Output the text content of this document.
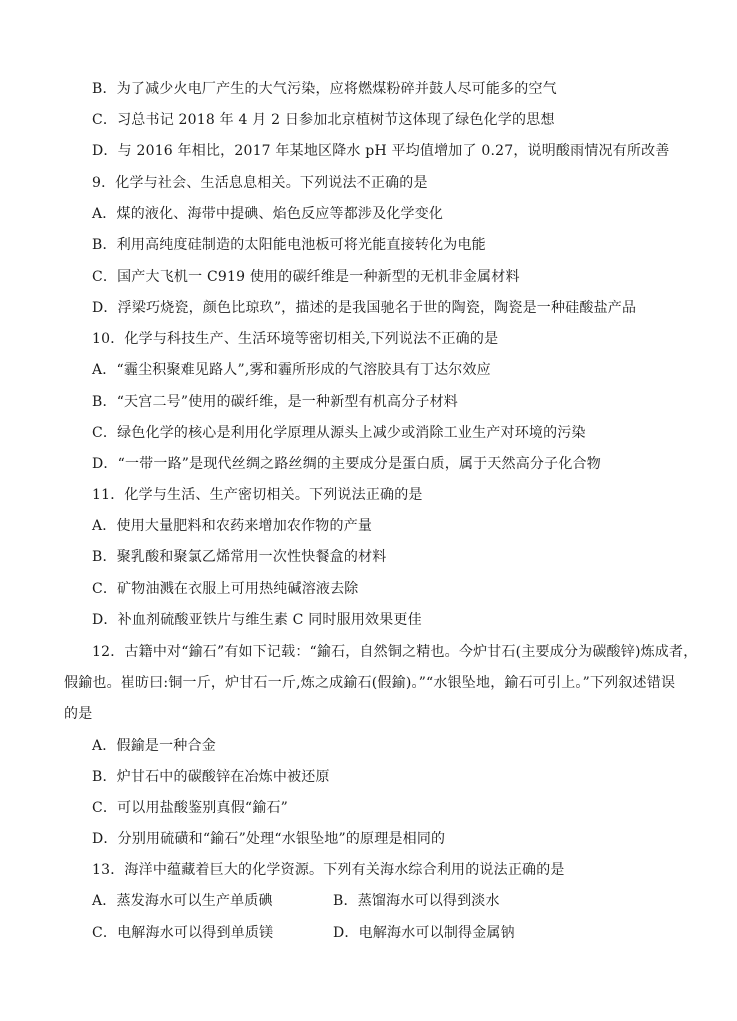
B．为了减少火电厂产生的大气污染，应将燃煤粉碎并鼓人尽可能多的空气
C．习总书记 2018 年 4 月 2 日参加北京植树节这体现了绿色化学的思想
D．与 2016 年相比，2017 年某地区降水 pH 平均值增加了 0.27，说明酸雨情况有所改善
9．化学与社会、生活息息相关。下列说法不正确的是
A．煤的液化、海带中提碘、焰色反应等都涉及化学变化
B．利用高纯度硅制造的太阳能电池板可将光能直接转化为电能
C．国产大飞机一 C919 使用的碳纤维是一种新型的无机非金属材料
D．浮梁巧烧瓷，颜色比琼玖”，描述的是我国驰名于世的陶瓷，陶瓷是一种硅酸盐产品
10．化学与科技生产、生活环境等密切相关,下列说法不正确的是
A．“霾尘积聚难见路人”,雾和霾所形成的气溶胶具有丁达尔效应
B．“天宫二号”使用的碳纤维，是一种新型有机高分子材料
C．绿色化学的核心是利用化学原理从源头上减少或消除工业生产对环境的污染
D．“一带一路”是现代丝绸之路丝绸的主要成分是蛋白质，属于天然高分子化合物
11．化学与生活、生产密切相关。下列说法正确的是
A．使用大量肥料和农药来增加农作物的产量
B．聚乳酸和聚氯乙烯常用一次性快餐盒的材料
C．矿物油溅在衣服上可用热纯碱溶液去除
D．补血剂硫酸亚铁片与维生素 C 同时服用效果更佳
12．古籍中对“鍮石”有如下记载：“鍮石，自然铜之精也。今炉甘石(主要成分为碳酸锌)炼成者，
假鍮也。崔昉曰:铜一斤，炉甘石一斤,炼之成鍮石(假鍮)。”“水银坠地，鍮石可引上。”下列叙述错误
的是
A．假鍮是一种合金
B．炉甘石中的碳酸锌在冶炼中被还原
C．可以用盐酸鉴别真假“鍮石”
D．分别用硫磺和“鍮石”处理“水银坠地”的原理是相同的
13．海洋中蕴藏着巨大的化学资源。下列有关海水综合利用的说法正确的是
A．蒸发海水可以生产单质碘	B．蒸馏海水可以得到淡水
C．电解海水可以得到单质镁	D．电解海水可以制得金属钠
